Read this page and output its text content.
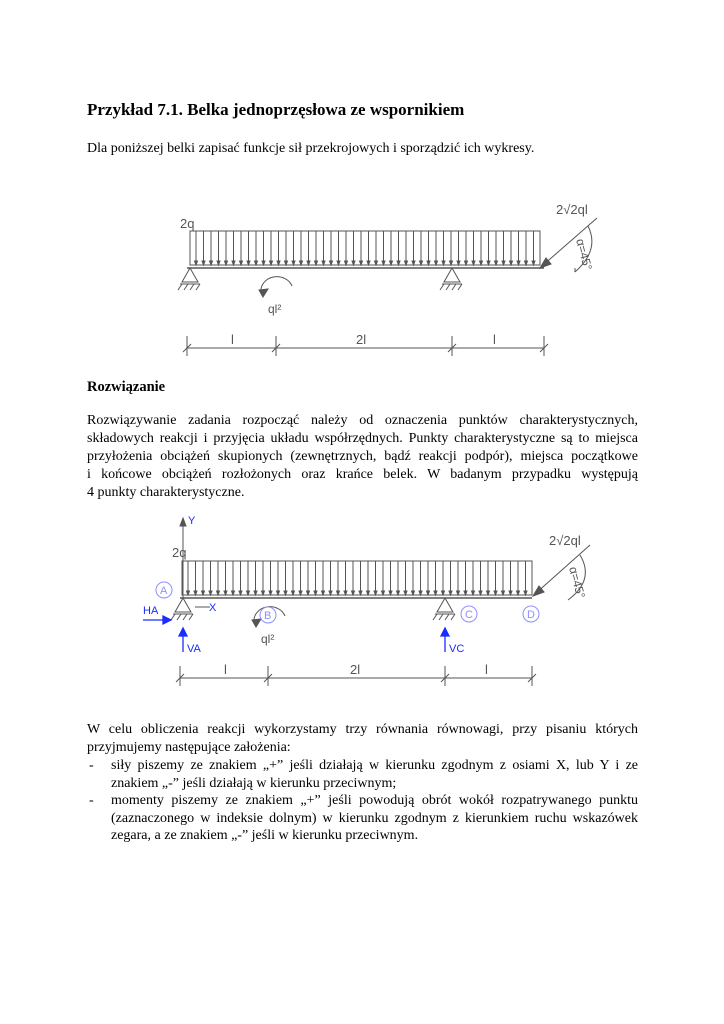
Przykład 7.1. Belka jednoprzęsłowa ze wspornikiem

Dla poniższej belki zapisać funkcje sił przekrojowych i sporządzić ich wykresy.

2q
2√2ql
α=45°
ql²
l	2l	l
Rozwiązanie

Rozwiązywanie zadania rozpocząć należy od oznaczenia punktów charakterystycznych,
składowych reakcji i przyjęcia układu współrzędnych. Punkty charakterystyczne są to miejsca
przyłożenia obciążeń skupionych (zewnętrznych, bądź reakcji podpór), miejsca początkowe
i końcowe obciążeń rozłożonych oraz krańce belek. W badanym przypadku występują
4 punkty charakterystyczne.

A
B	C	D
HA
VA	VC
Y
X
2q
2√2ql
α=45°
ql²
l	2l	l

W celu obliczenia reakcji wykorzystamy trzy równania równowagi, przy pisaniu których
przyjmujemy następujące założenia:

- siły piszemy ze znakiem „+” jeśli działają w kierunku zgodnym z osiami X, lub Y i ze
znakiem „-” jeśli działają w kierunku przeciwnym;
- momenty piszemy ze znakiem „+” jeśli powodują obrót wokół rozpatrywanego punktu
(zaznaczonego w indeksie dolnym) w kierunku zgodnym z kierunkiem ruchu wskazówek
zegara, a ze znakiem „-” jeśli w kierunku przeciwnym.
